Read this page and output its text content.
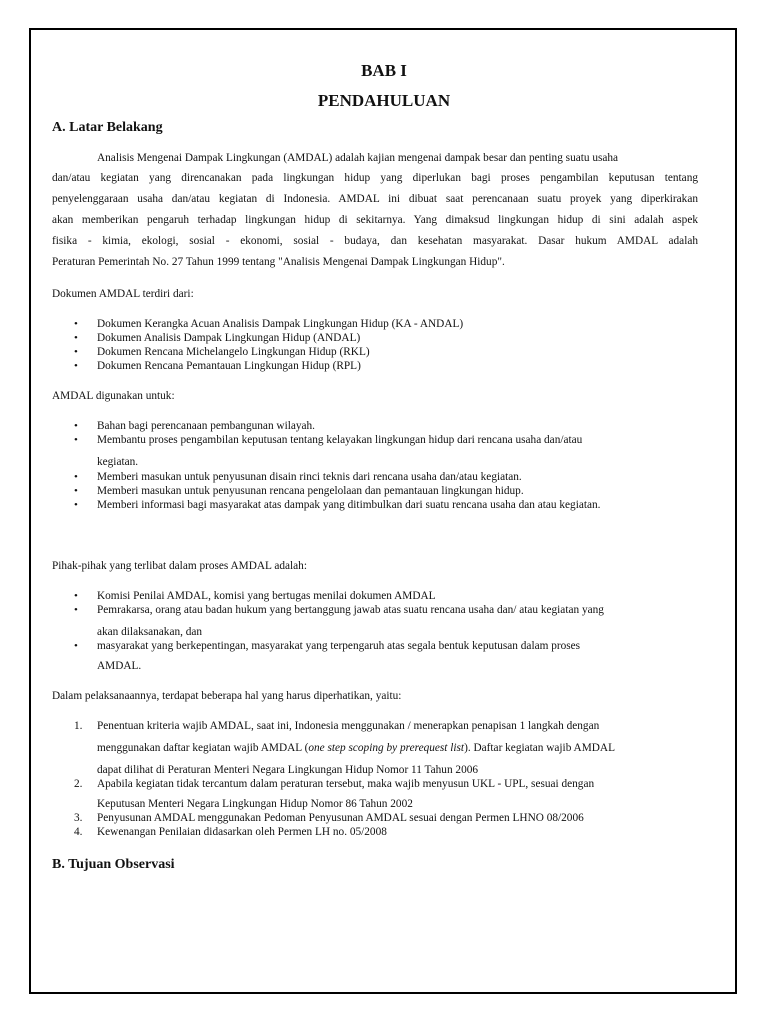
BAB I
PENDAHULUAN
A. Latar Belakang
Analisis Mengenai Dampak Lingkungan (AMDAL) adalah kajian mengenai dampak besar dan penting suatu usaha
dan/atau kegiatan yang direncanakan pada lingkungan hidup yang diperlukan bagi proses pengambilan keputusan tentang
penyelenggaraan usaha dan/atau kegiatan di Indonesia. AMDAL ini dibuat saat perencanaan suatu proyek yang diperkirakan
akan memberikan pengaruh terhadap lingkungan hidup di sekitarnya. Yang dimaksud lingkungan hidup di sini adalah aspek
fisika - kimia, ekologi, sosial - ekonomi, sosial - budaya, dan kesehatan masyarakat. Dasar hukum AMDAL adalah
Peraturan Pemerintah No. 27 Tahun 1999 tentang "Analisis Mengenai Dampak Lingkungan Hidup".
Dokumen AMDAL terdiri dari:
• Dokumen Kerangka Acuan Analisis Dampak Lingkungan Hidup (KA - ANDAL)
• Dokumen Analisis Dampak Lingkungan Hidup (ANDAL)
• Dokumen Rencana Michelangelo Lingkungan Hidup (RKL)
• Dokumen Rencana Pemantauan Lingkungan Hidup (RPL)
AMDAL digunakan untuk:
• Bahan bagi perencanaan pembangunan wilayah.
• Membantu proses pengambilan keputusan tentang kelayakan lingkungan hidup dari rencana usaha dan/atau
kegiatan.
• Memberi masukan untuk penyusunan disain rinci teknis dari rencana usaha dan/atau kegiatan.
• Memberi masukan untuk penyusunan rencana pengelolaan dan pemantauan lingkungan hidup.
• Memberi informasi bagi masyarakat atas dampak yang ditimbulkan dari suatu rencana usaha dan atau kegiatan.
Pihak-pihak yang terlibat dalam proses AMDAL adalah:
• Komisi Penilai AMDAL, komisi yang bertugas menilai dokumen AMDAL
• Pemrakarsa, orang atau badan hukum yang bertanggung jawab atas suatu rencana usaha dan/ atau kegiatan yang
akan dilaksanakan, dan
• masyarakat yang berkepentingan, masyarakat yang terpengaruh atas segala bentuk keputusan dalam proses
AMDAL.
Dalam pelaksanaannya, terdapat beberapa hal yang harus diperhatikan, yaitu:
1. Penentuan kriteria wajib AMDAL, saat ini, Indonesia menggunakan / menerapkan penapisan 1 langkah dengan
menggunakan daftar kegiatan wajib AMDAL (one step scoping by prerequest list). Daftar kegiatan wajib AMDAL
dapat dilihat di Peraturan Menteri Negara Lingkungan Hidup Nomor 11 Tahun 2006
2. Apabila kegiatan tidak tercantum dalam peraturan tersebut, maka wajib menyusun UKL - UPL, sesuai dengan
Keputusan Menteri Negara Lingkungan Hidup Nomor 86 Tahun 2002
3. Penyusunan AMDAL menggunakan Pedoman Penyusunan AMDAL sesuai dengan Permen LHNO 08/2006
4. Kewenangan Penilaian didasarkan oleh Permen LH no. 05/2008
B. Tujuan Observasi
